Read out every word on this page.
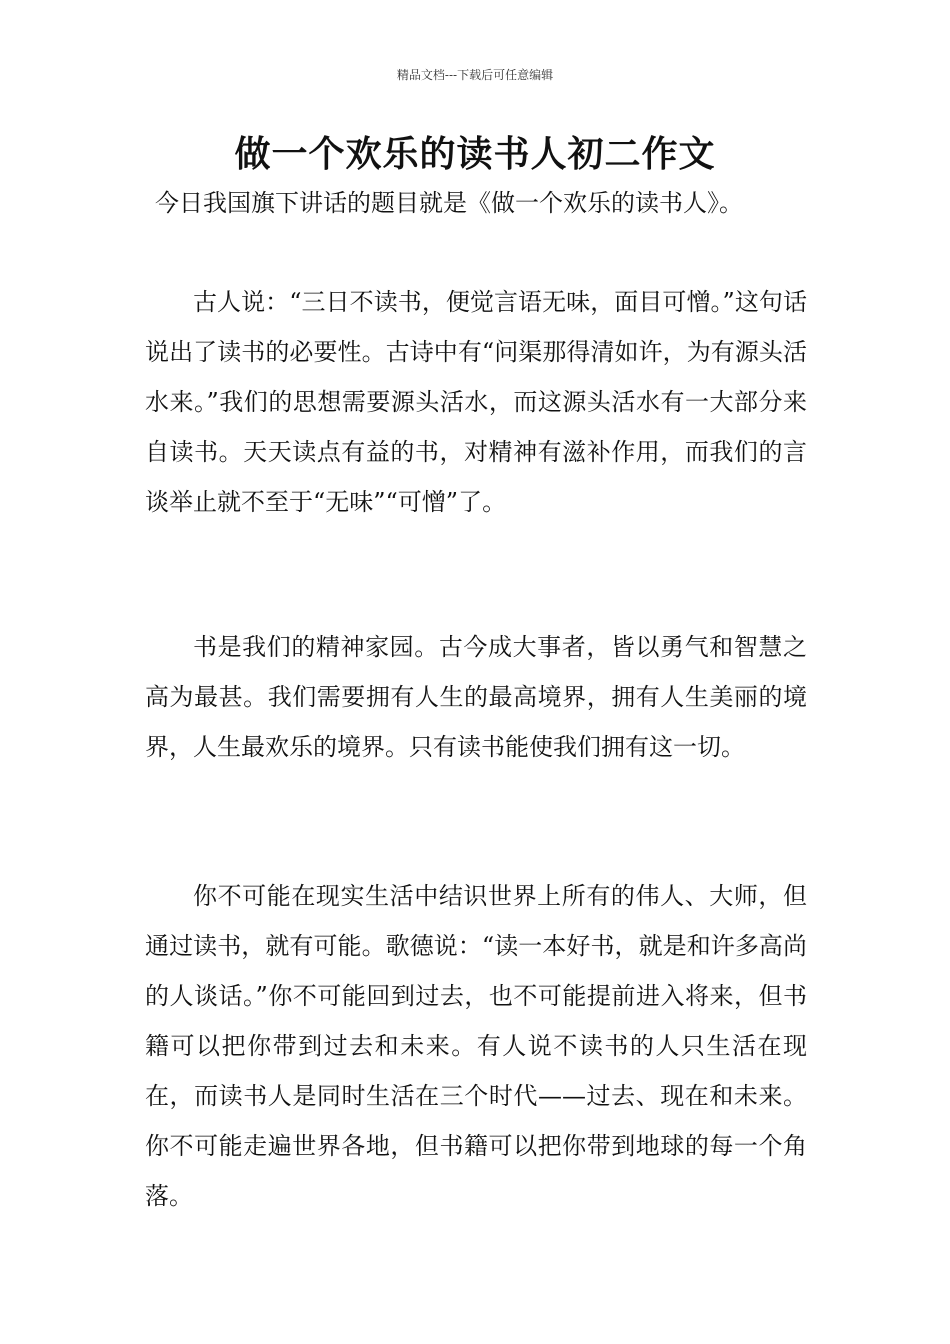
精品文档---下载后可任意编辑
做一个欢乐的读书人初二作文
今日我国旗下讲话的题目就是《做一个欢乐的读书人》。

古人说：“三日不读书，便觉言语无味，面目可憎。”这句话说出了读书的必要性。古诗中有“问渠那得清如许，为有源头活水来。”我们的思想需要源头活水，而这源头活水有一大部分来自读书。天天读点有益的书，对精神有滋补作用，而我们的言谈举止就不至于“无味”“可憎”了。

书是我们的精神家园。古今成大事者，皆以勇气和智慧之高为最甚。我们需要拥有人生的最高境界，拥有人生美丽的境界，人生最欢乐的境界。只有读书能使我们拥有这一切。

你不可能在现实生活中结识世界上所有的伟人、大师，但通过读书，就有可能。歌德说：“读一本好书，就是和许多高尚的人谈话。”你不可能回到过去，也不可能提前进入将来，但书籍可以把你带到过去和未来。有人说不读书的人只生活在现在，而读书人是同时生活在三个时代——过去、现在和未来。你不可能走遍世界各地，但书籍可以把你带到地球的每一个角落。
